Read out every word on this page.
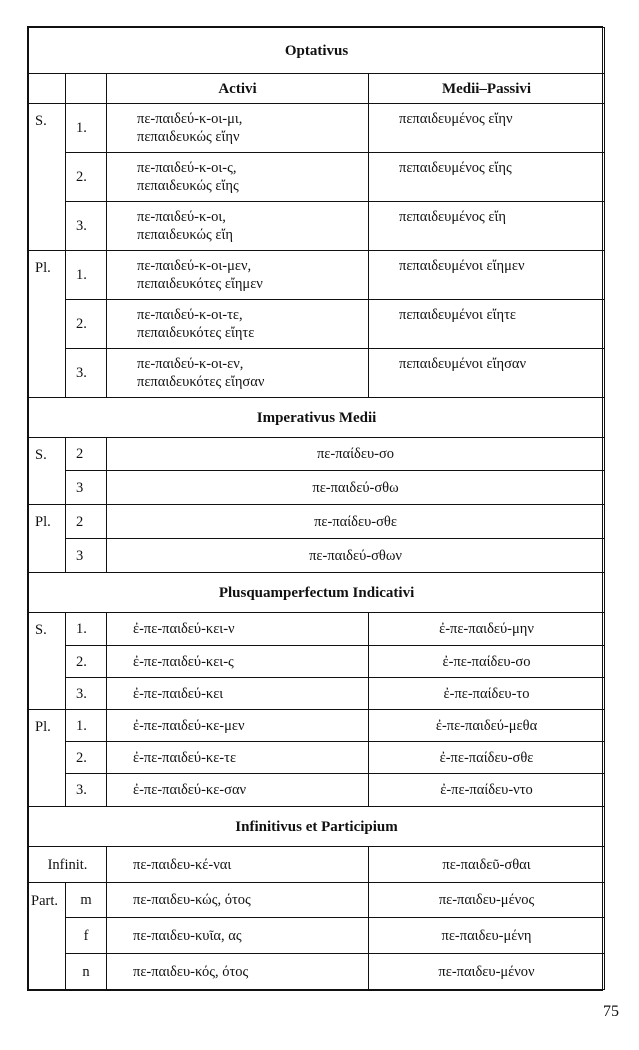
Optativus			
		Activi	Medii–Passivi
S.	1.	πε-παιδεύ-κ-οι-μι,
πεπαιδευκώς εἴην	πεπαιδευμένος εἴην
	2.	πε-παιδεύ-κ-οι-ς,
πεπαιδευκώς εἴης	πεπαιδευμένος εἴης
	3.	πε-παιδεύ-κ-οι,
πεπαιδευκώς εἴη	πεπαιδευμένος εἴη
Pl.	1.	πε-παιδεύ-κ-οι-μεν,
πεπαιδευκότες εἴημεν	πεπαιδευμένοι εἴημεν
	2.	πε-παιδεύ-κ-οι-τε,
πεπαιδευκότες εἴητε	πεπαιδευμένοι εἴητε
	3.	πε-παιδεύ-κ-οι-εν,
πεπαιδευκότες εἴησαν	πεπαιδευμένοι εἴησαν
Imperativus Medii			
S.	2	πε-παίδευ-σο	
	3	πε-παιδεύ-σθω	
Pl.	2	πε-παίδευ-σθε	
	3	πε-παιδεύ-σθων	
Plusquamperfectum Indicativi			
S.	1.	ἐ-πε-παιδεύ-κει-ν	ἐ-πε-παιδεύ-μην
	2.	ἐ-πε-παιδεύ-κει-ς	ἐ-πε-παίδευ-σο
	3.	ἐ-πε-παιδεύ-κει	ἐ-πε-παίδευ-το
Pl.	1.	ἐ-πε-παιδεύ-κε-μεν	ἐ-πε-παιδεύ-μεθα
	2.	ἐ-πε-παιδεύ-κε-τε	ἐ-πε-παίδευ-σθε
	3.	ἐ-πε-παιδεύ-κε-σαν	ἐ-πε-παίδευ-ντο
Infinitivus et Participium			
Infinit.		πε-παιδευ-κέ-ναι	πε-παιδεῦ-σθαι
Part.	m	πε-παιδευ-κώς, ότος	πε-παιδευ-μένος
	f	πε-παιδευ-κυῖα, ας	πε-παιδευ-μένη
	n	πε-παιδευ-κός, ότος	πε-παιδευ-μένον
75
